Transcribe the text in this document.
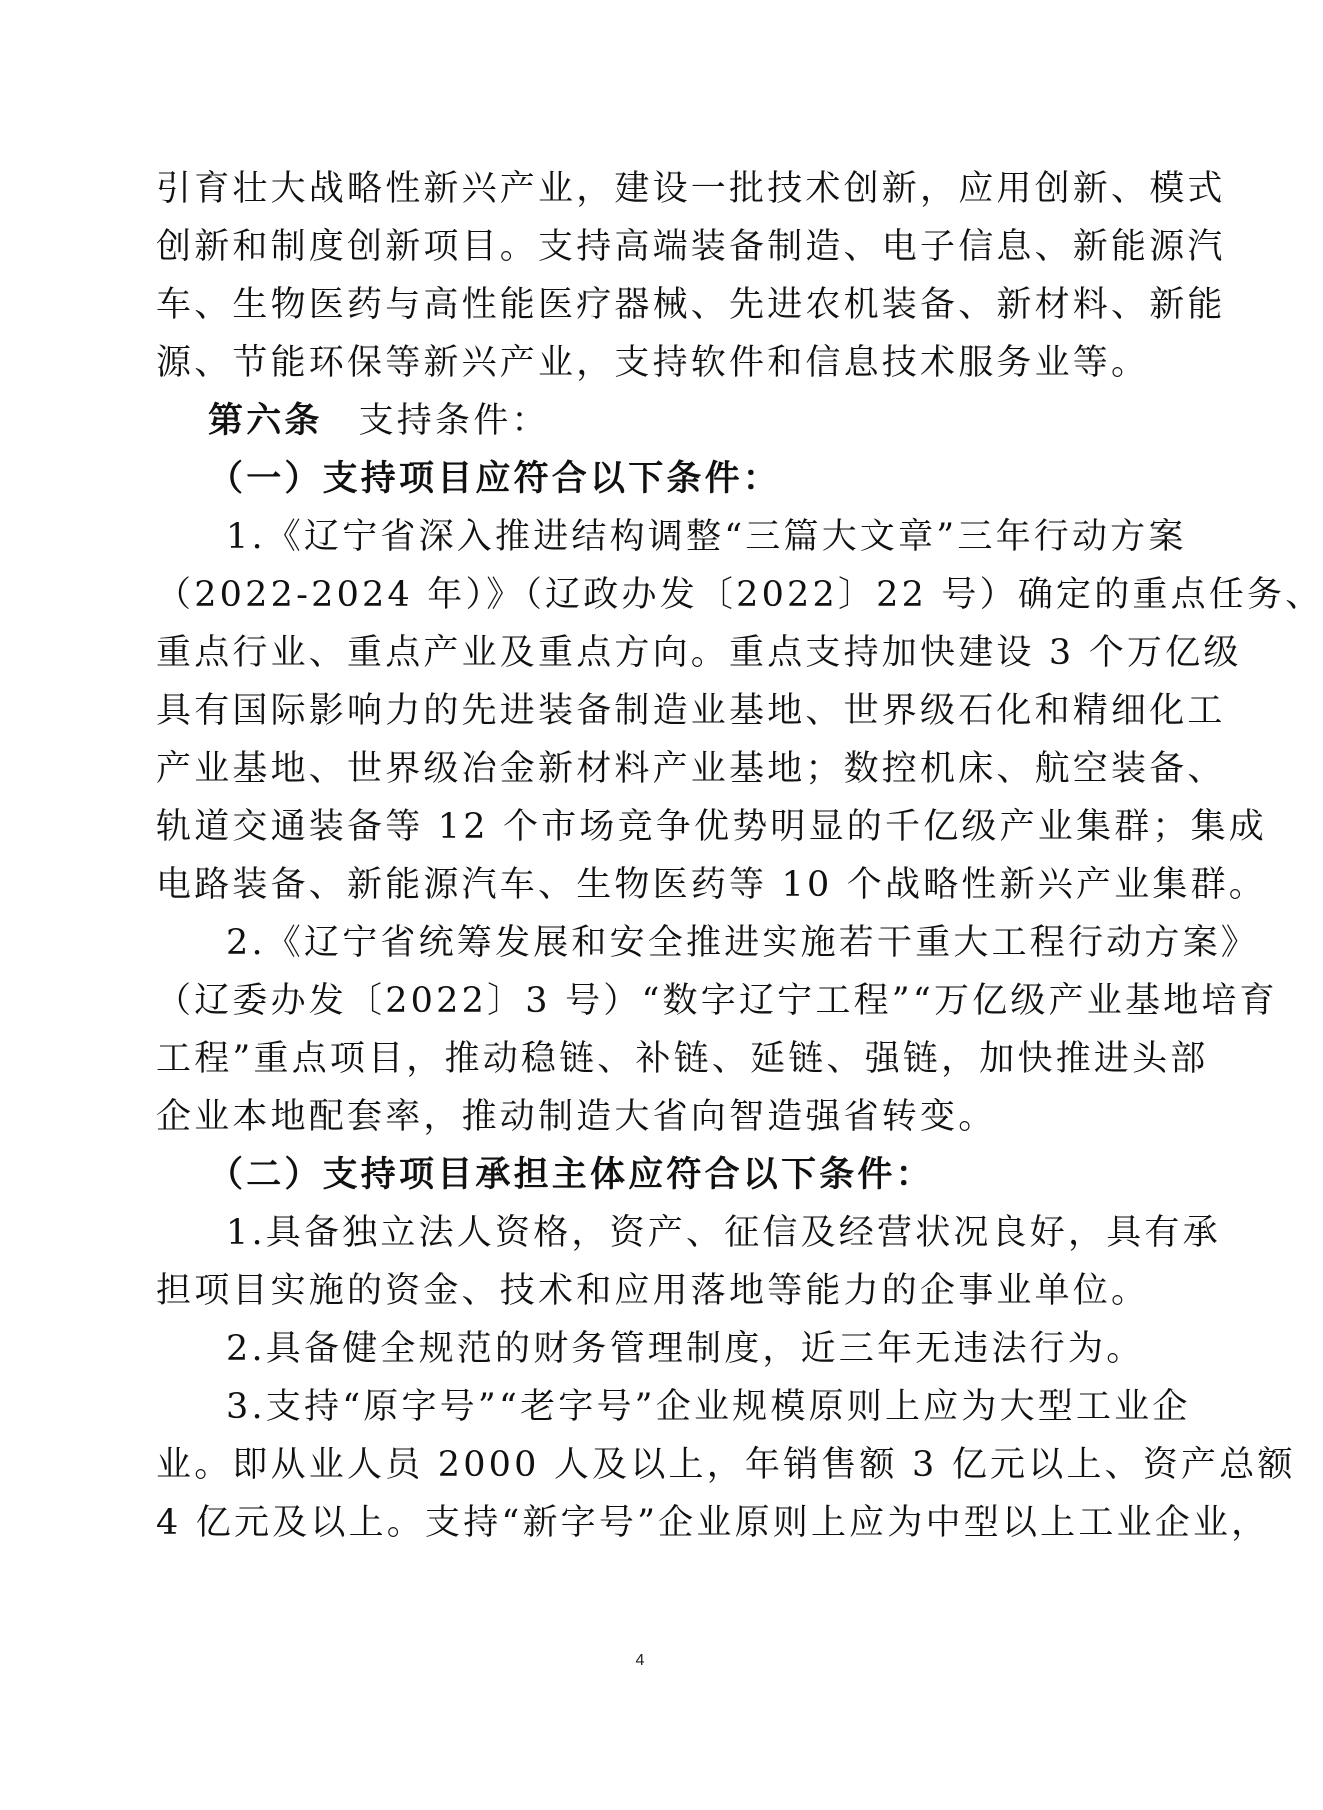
引育壮大战略性新兴产业，建设一批技术创新，应用创新、模式
创新和制度创新项目。支持高端装备制造、电子信息、新能源汽
车、生物医药与高性能医疗器械、先进农机装备、新材料、新能
源、节能环保等新兴产业，支持软件和信息技术服务业等。
第六条 支持条件：
（一）支持项目应符合以下条件：
1.《辽宁省深入推进结构调整“三篇大文章”三年行动方案
（2022-2024 年）》（辽政办发〔2022〕22 号）确定的重点任务、
重点行业、重点产业及重点方向。重点支持加快建设 3 个万亿级
具有国际影响力的先进装备制造业基地、世界级石化和精细化工
产业基地、世界级冶金新材料产业基地；数控机床、航空装备、
轨道交通装备等 12 个市场竞争优势明显的千亿级产业集群；集成
电路装备、新能源汽车、生物医药等 10 个战略性新兴产业集群。
2.《辽宁省统筹发展和安全推进实施若干重大工程行动方案》
（辽委办发〔2022〕3 号）“数字辽宁工程”“万亿级产业基地培育
工程”重点项目，推动稳链、补链、延链、强链，加快推进头部
企业本地配套率，推动制造大省向智造强省转变。
（二）支持项目承担主体应符合以下条件：
1.具备独立法人资格，资产、征信及经营状况良好，具有承
担项目实施的资金、技术和应用落地等能力的企事业单位。
2.具备健全规范的财务管理制度，近三年无违法行为。
3.支持“原字号”“老字号”企业规模原则上应为大型工业企
业。即从业人员 2000 人及以上，年销售额 3 亿元以上、资产总额
4 亿元及以上。支持“新字号”企业原则上应为中型以上工业企业，
4
